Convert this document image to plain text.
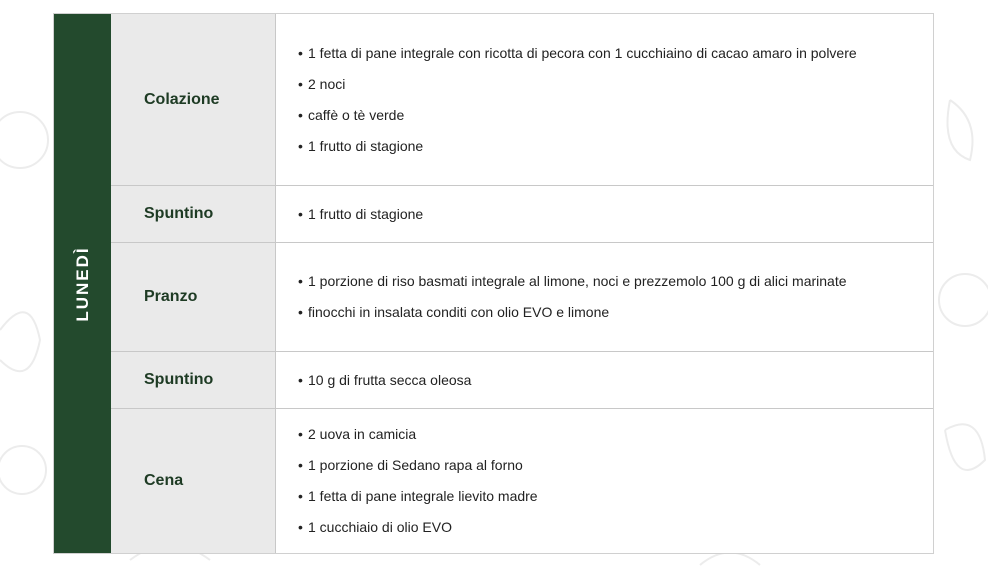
LUNEDÌ
Colazione
• 1 fetta di pane integrale con ricotta di pecora con 1 cucchiaino di cacao amaro in polvere
• 2 noci
• caffè o tè verde
• 1 frutto di stagione
Spuntino	• 1 frutto di stagione
Pranzo
• 1 porzione di riso basmati integrale al limone, noci e prezzemolo 100 g di alici marinate
• finocchi in insalata conditi con olio EVO e limone
Spuntino	• 10 g di frutta secca oleosa
Cena
• 2 uova in camicia
• 1 porzione di Sedano rapa al forno
• 1 fetta di pane integrale lievito madre
• 1 cucchiaio di olio EVO
